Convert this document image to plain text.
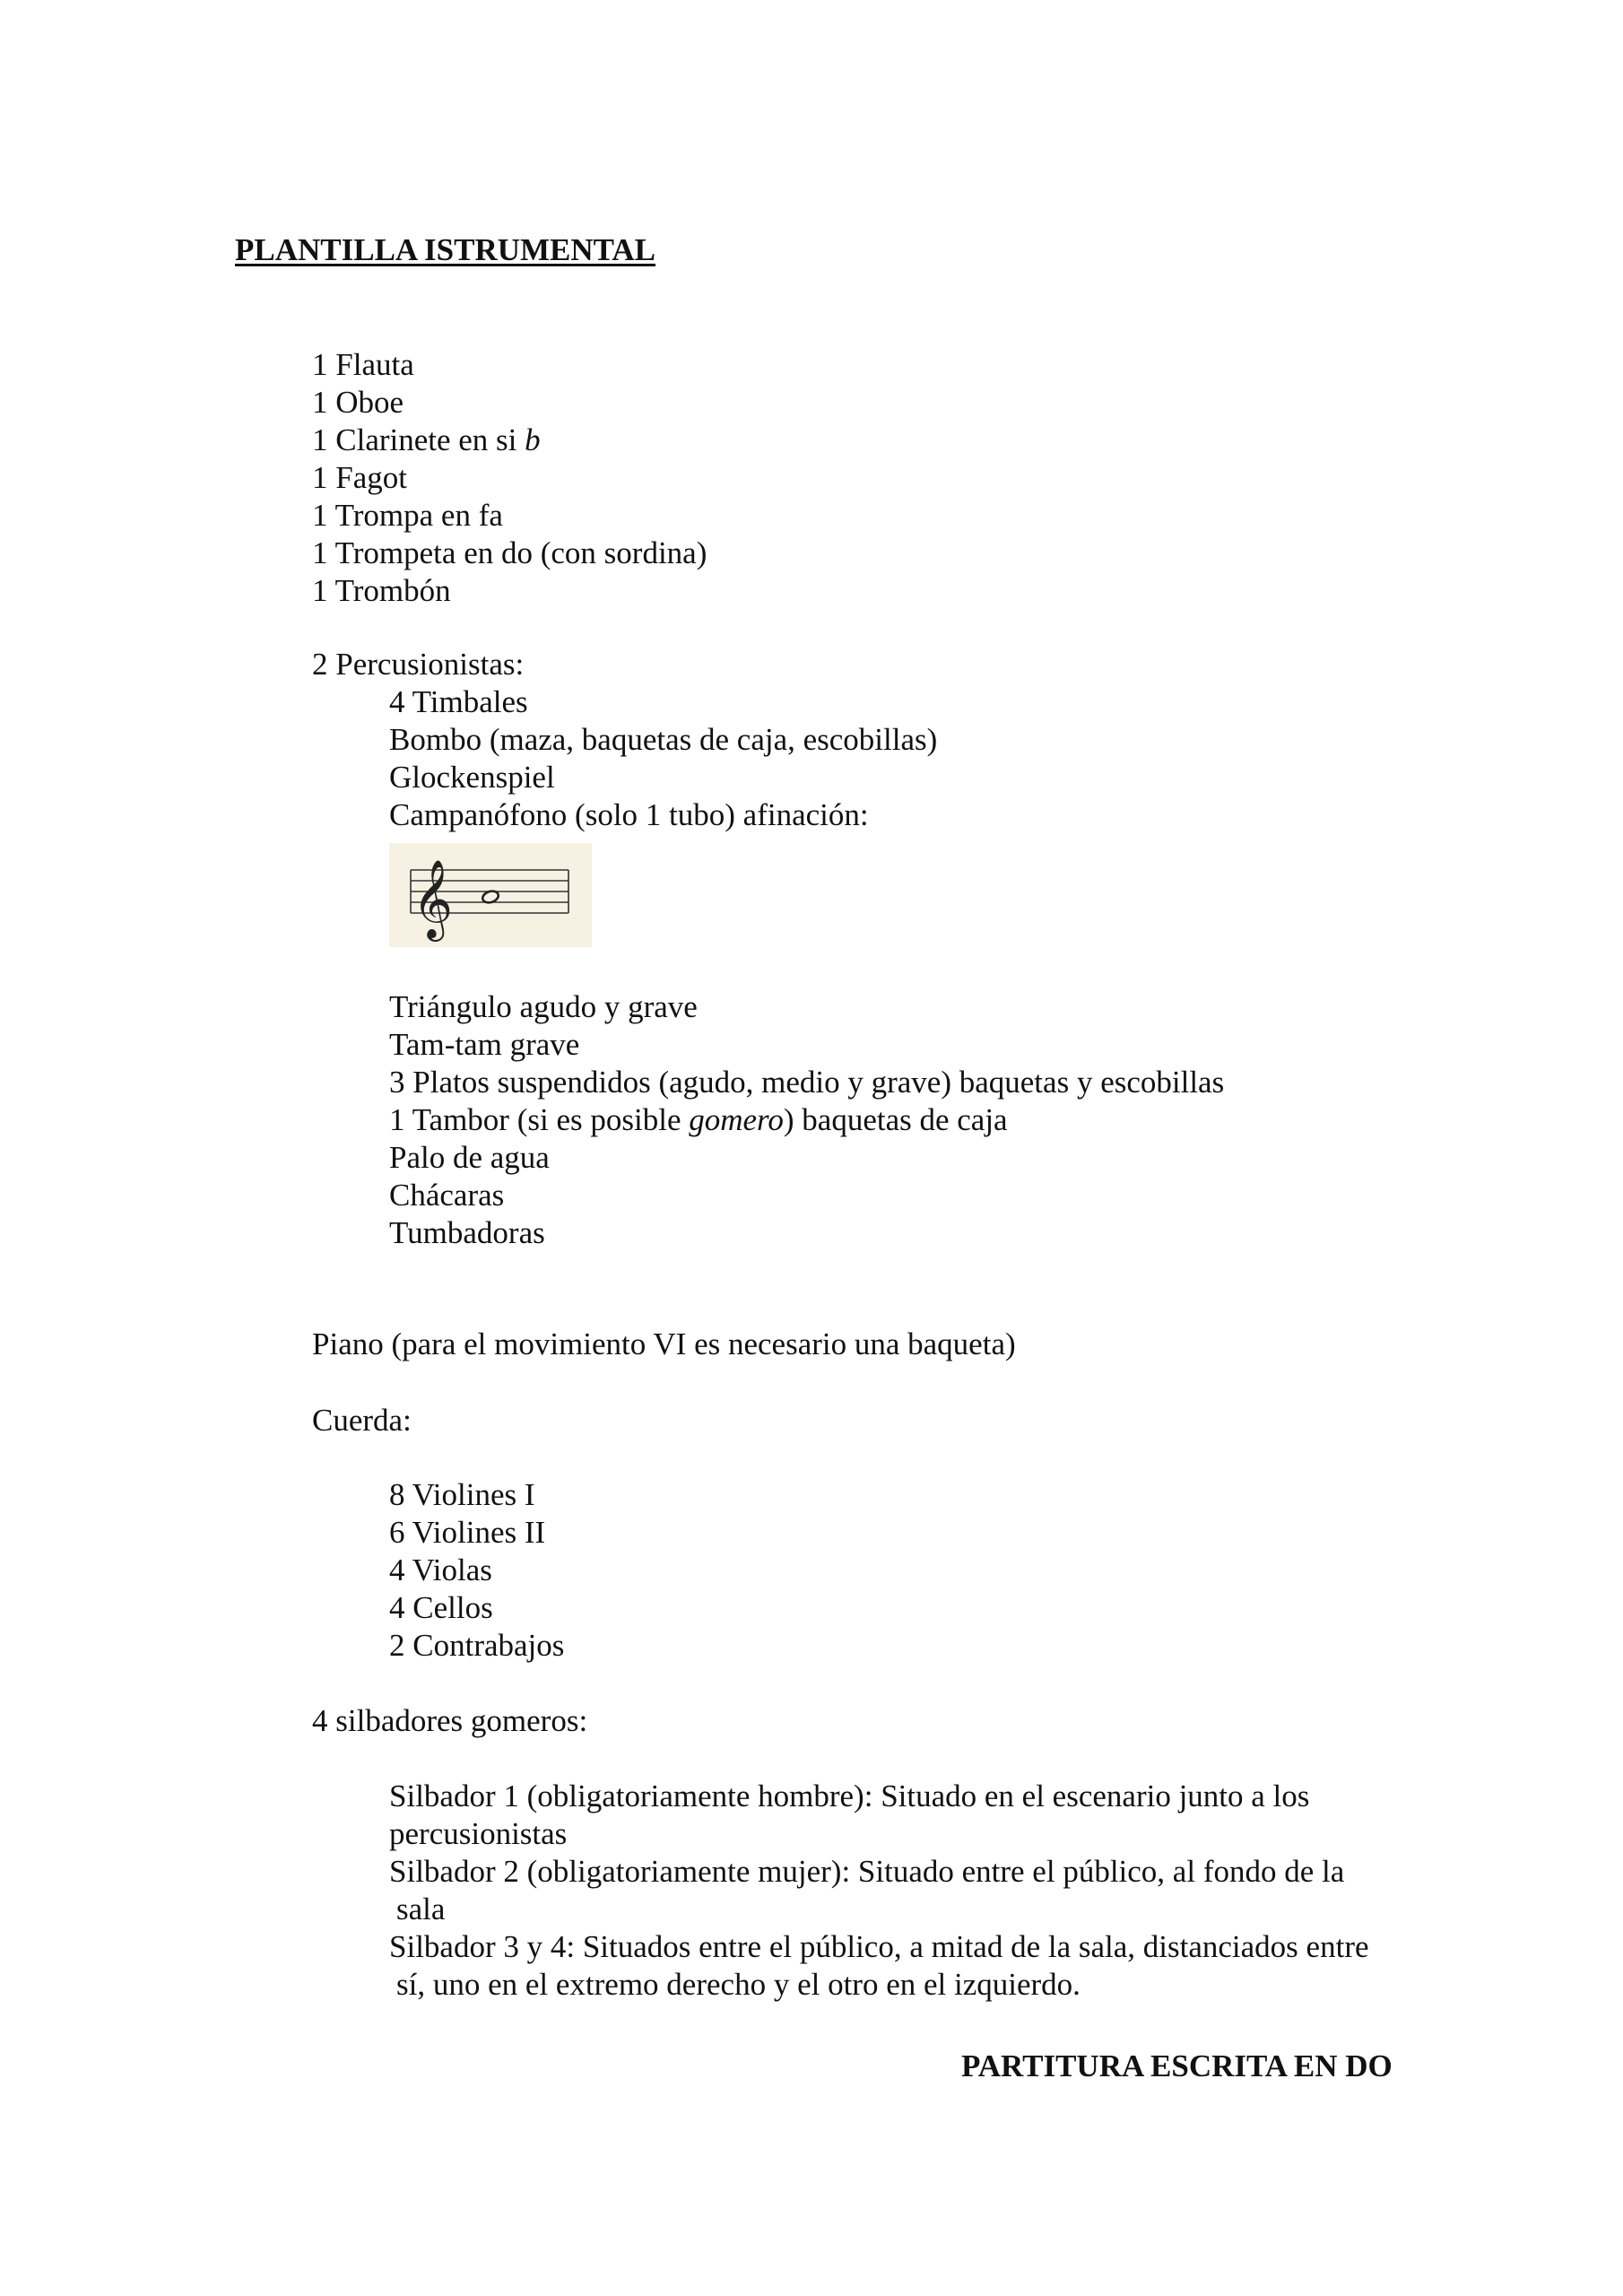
PLANTILLA ISTRUMENTAL
1 Flauta
1 Oboe
1 Clarinete en si b
1 Fagot
1 Trompa en fa
1 Trompeta en do (con sordina)
1 Trombón
2 Percusionistas:
4 Timbales
Bombo (maza, baquetas de caja, escobillas)
Glockenspiel
Campanófono (solo 1 tubo) afinación:
𝄞
Triángulo agudo y grave
Tam-tam grave
3 Platos suspendidos (agudo, medio y grave) baquetas y escobillas
1 Tambor (si es posible gomero) baquetas de caja
Palo de agua
Chácaras
Tumbadoras
Piano (para el movimiento VI es necesario una baqueta)
Cuerda:
8 Violines I
6 Violines II
4 Violas
4 Cellos
2 Contrabajos
4 silbadores gomeros:
Silbador 1 (obligatoriamente hombre): Situado en el escenario junto a los
percusionistas
Silbador 2 (obligatoriamente mujer): Situado entre el público, al fondo de la
sala
Silbador 3 y 4: Situados entre el público, a mitad de la sala, distanciados entre
sí, uno en el extremo derecho y el otro en el izquierdo.
PARTITURA ESCRITA EN DO
